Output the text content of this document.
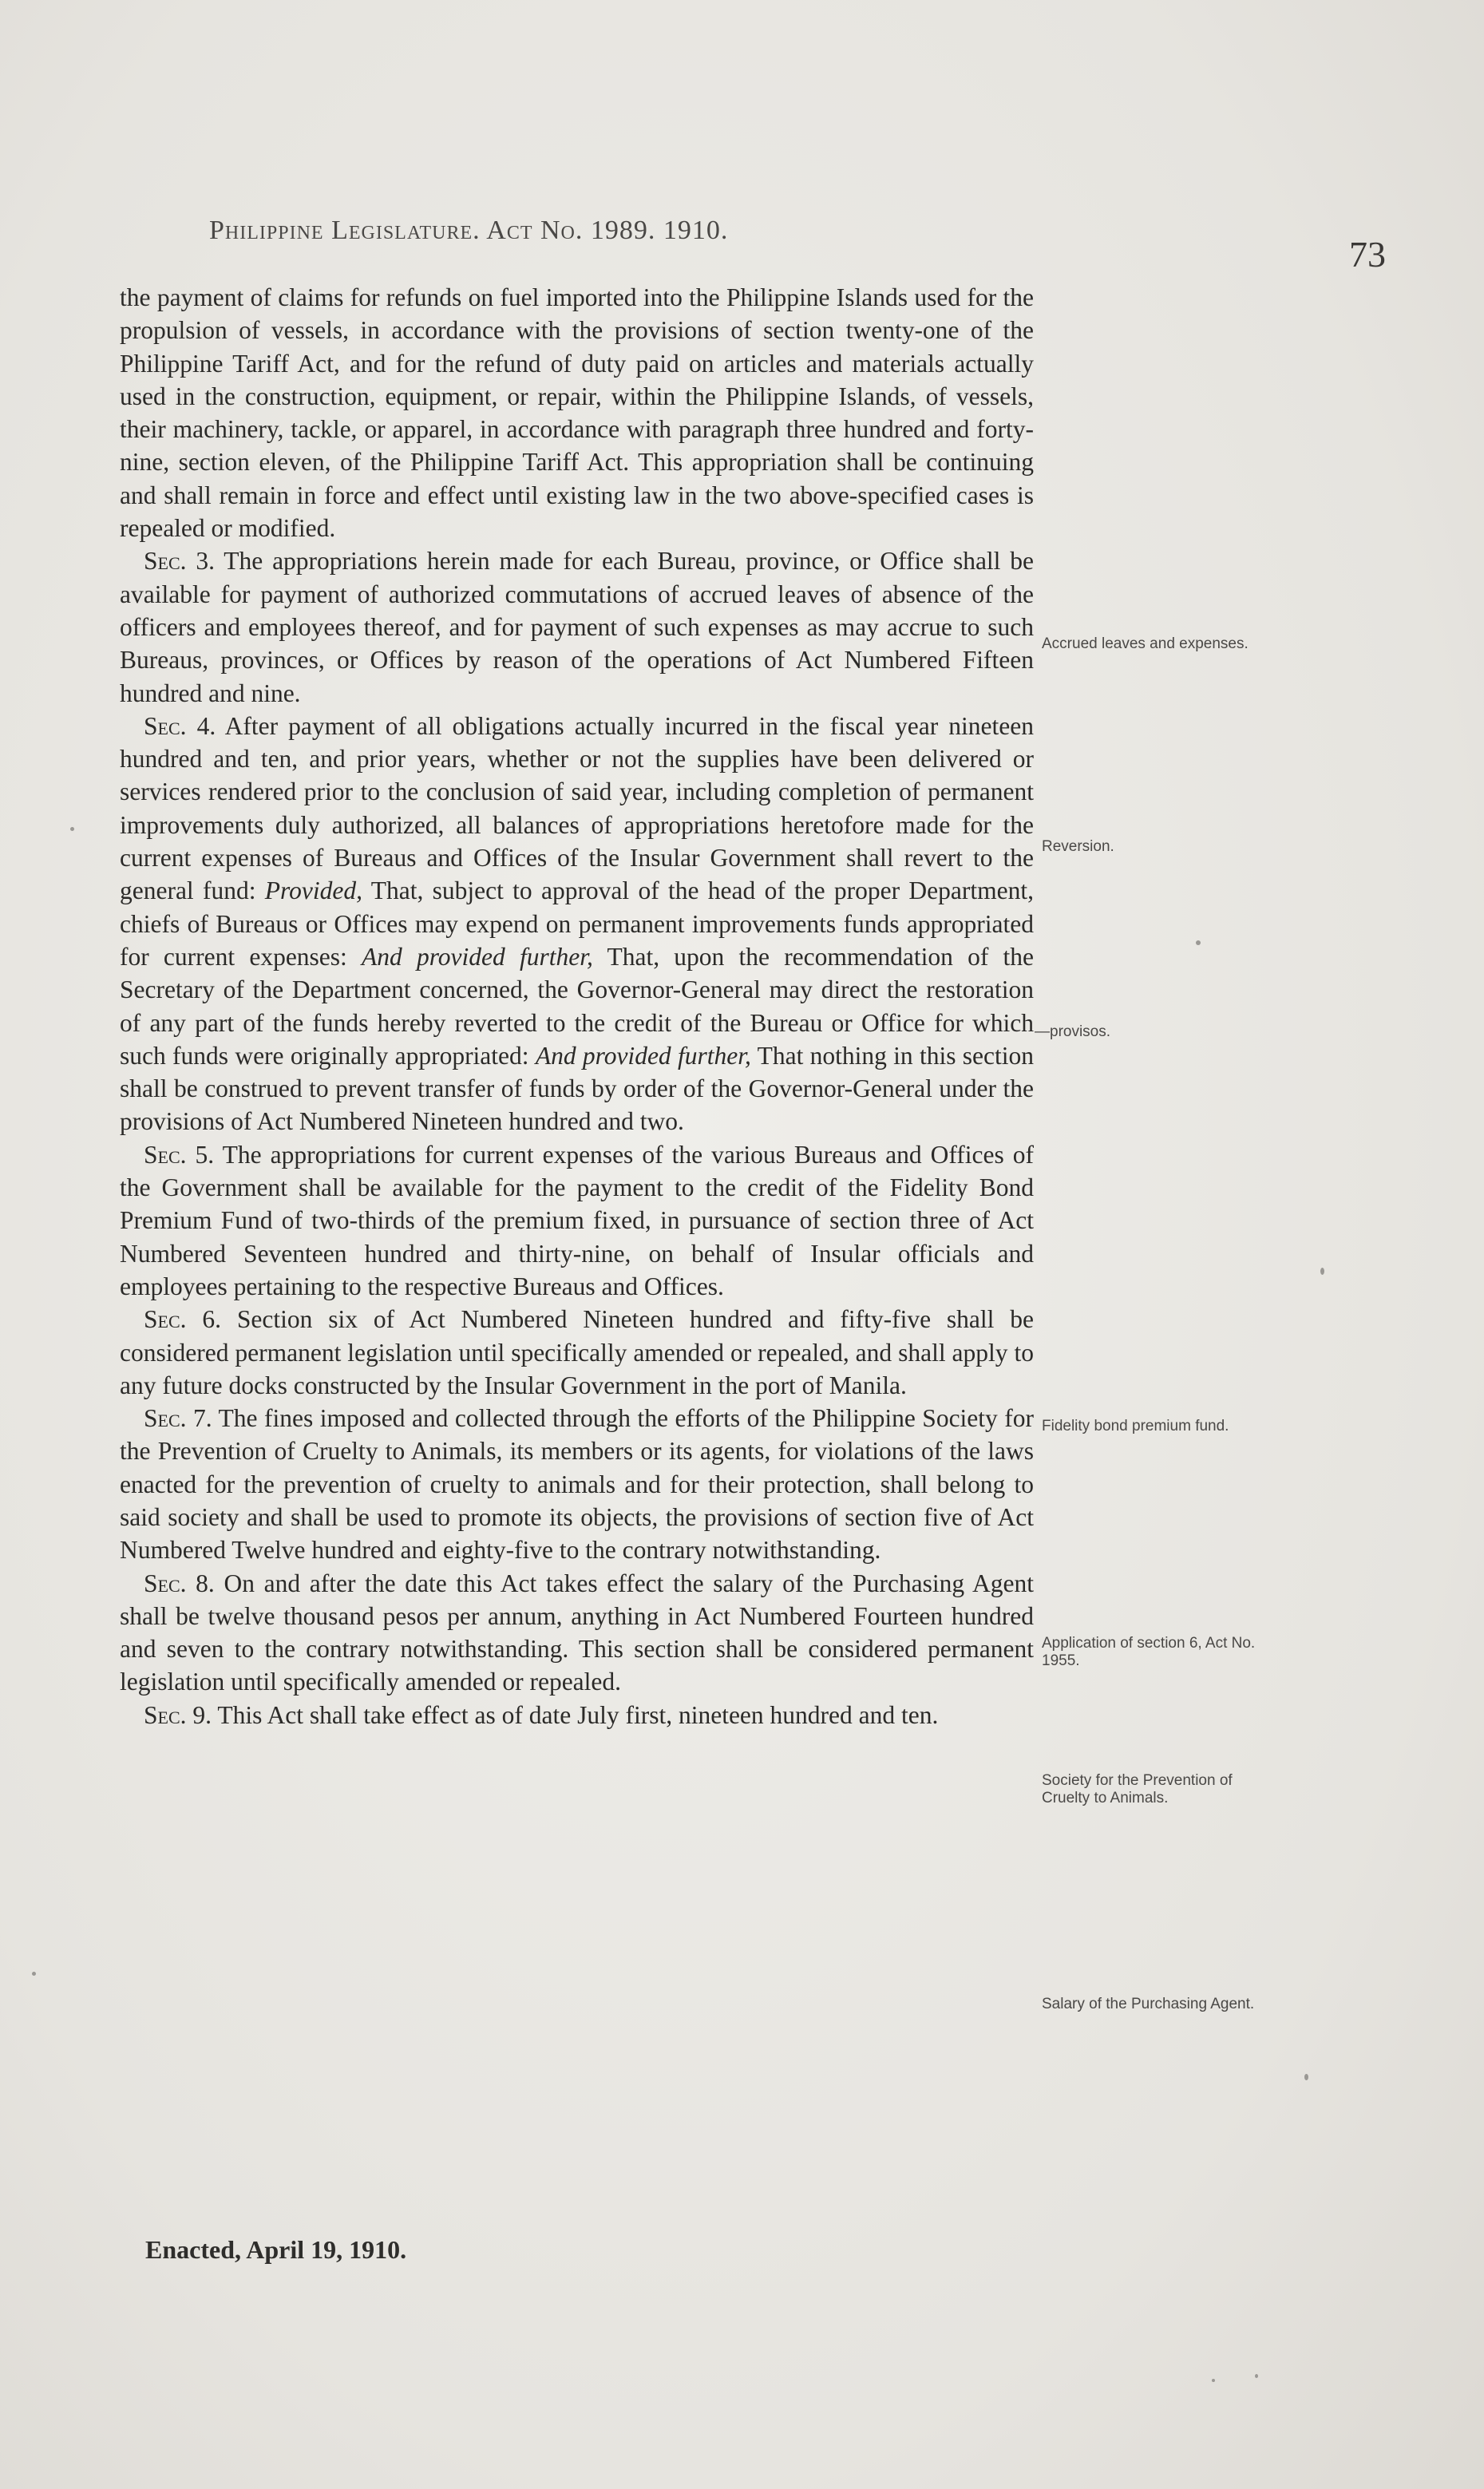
Philippine Legislature. Act No. 1989. 1910.
73

the payment of claims for refunds on fuel imported into the Philippine Islands used for the propulsion of vessels, in accordance with the provisions of section twenty-one of the Philippine Tariff Act, and for the refund of duty paid on articles and materials actually used in the construction, equipment, or repair, within the Philippine Islands, of vessels, their machinery, tackle, or apparel, in accordance with paragraph three hundred and forty-nine, section eleven, of the Philippine Tariff Act. This appropriation shall be continuing and shall remain in force and effect until existing law in the two above-specified cases is repealed or modified.

Sec. 3. The appropriations herein made for each Bureau, province, or Office shall be available for payment of authorized commutations of accrued leaves of absence of the officers and employees thereof, and for payment of such expenses as may accrue to such Bureaus, provinces, or Offices by reason of the operations of Act Numbered Fifteen hundred and nine.

Sec. 4. After payment of all obligations actually incurred in the fiscal year nineteen hundred and ten, and prior years, whether or not the supplies have been delivered or services rendered prior to the conclusion of said year, including completion of permanent improvements duly authorized, all balances of appropriations heretofore made for the current expenses of Bureaus and Offices of the Insular Government shall revert to the general fund: Provided, That, subject to approval of the head of the proper Department, chiefs of Bureaus or Offices may expend on permanent improvements funds appropriated for current expenses: And provided further, That, upon the recommendation of the Secretary of the Department concerned, the Governor-General may direct the restoration of any part of the funds hereby reverted to the credit of the Bureau or Office for which such funds were originally appropriated: And provided further, That nothing in this section shall be construed to prevent transfer of funds by order of the Governor-General under the provisions of Act Numbered Nineteen hundred and two.

Sec. 5. The appropriations for current expenses of the various Bureaus and Offices of the Government shall be available for the payment to the credit of the Fidelity Bond Premium Fund of two-thirds of the premium fixed, in pursuance of section three of Act Numbered Seventeen hundred and thirty-nine, on behalf of Insular officials and employees pertaining to the respective Bureaus and Offices.

Sec. 6. Section six of Act Numbered Nineteen hundred and fifty-five shall be considered permanent legislation until specifically amended or repealed, and shall apply to any future docks constructed by the Insular Government in the port of Manila.

Sec. 7. The fines imposed and collected through the efforts of the Philippine Society for the Prevention of Cruelty to Animals, its members or its agents, for violations of the laws enacted for the prevention of cruelty to animals and for their protection, shall belong to said society and shall be used to promote its objects, the provisions of section five of Act Numbered Twelve hundred and eighty-five to the contrary notwithstanding.

Sec. 8. On and after the date this Act takes effect the salary of the Purchasing Agent shall be twelve thousand pesos per annum, anything in Act Numbered Fourteen hundred and seven to the contrary notwithstanding. This section shall be considered permanent legislation until specifically amended or repealed.

Sec. 9. This Act shall take effect as of date July first, nineteen hundred and ten.

Enacted, April 19, 1910.
Accrued leaves and expenses.
Reversion.
—provisos.
Fidelity bond premium fund.
Application of section 6, Act No. 1955.
Society for the Prevention of Cruelty to Animals.
Salary of the Purchasing Agent.
